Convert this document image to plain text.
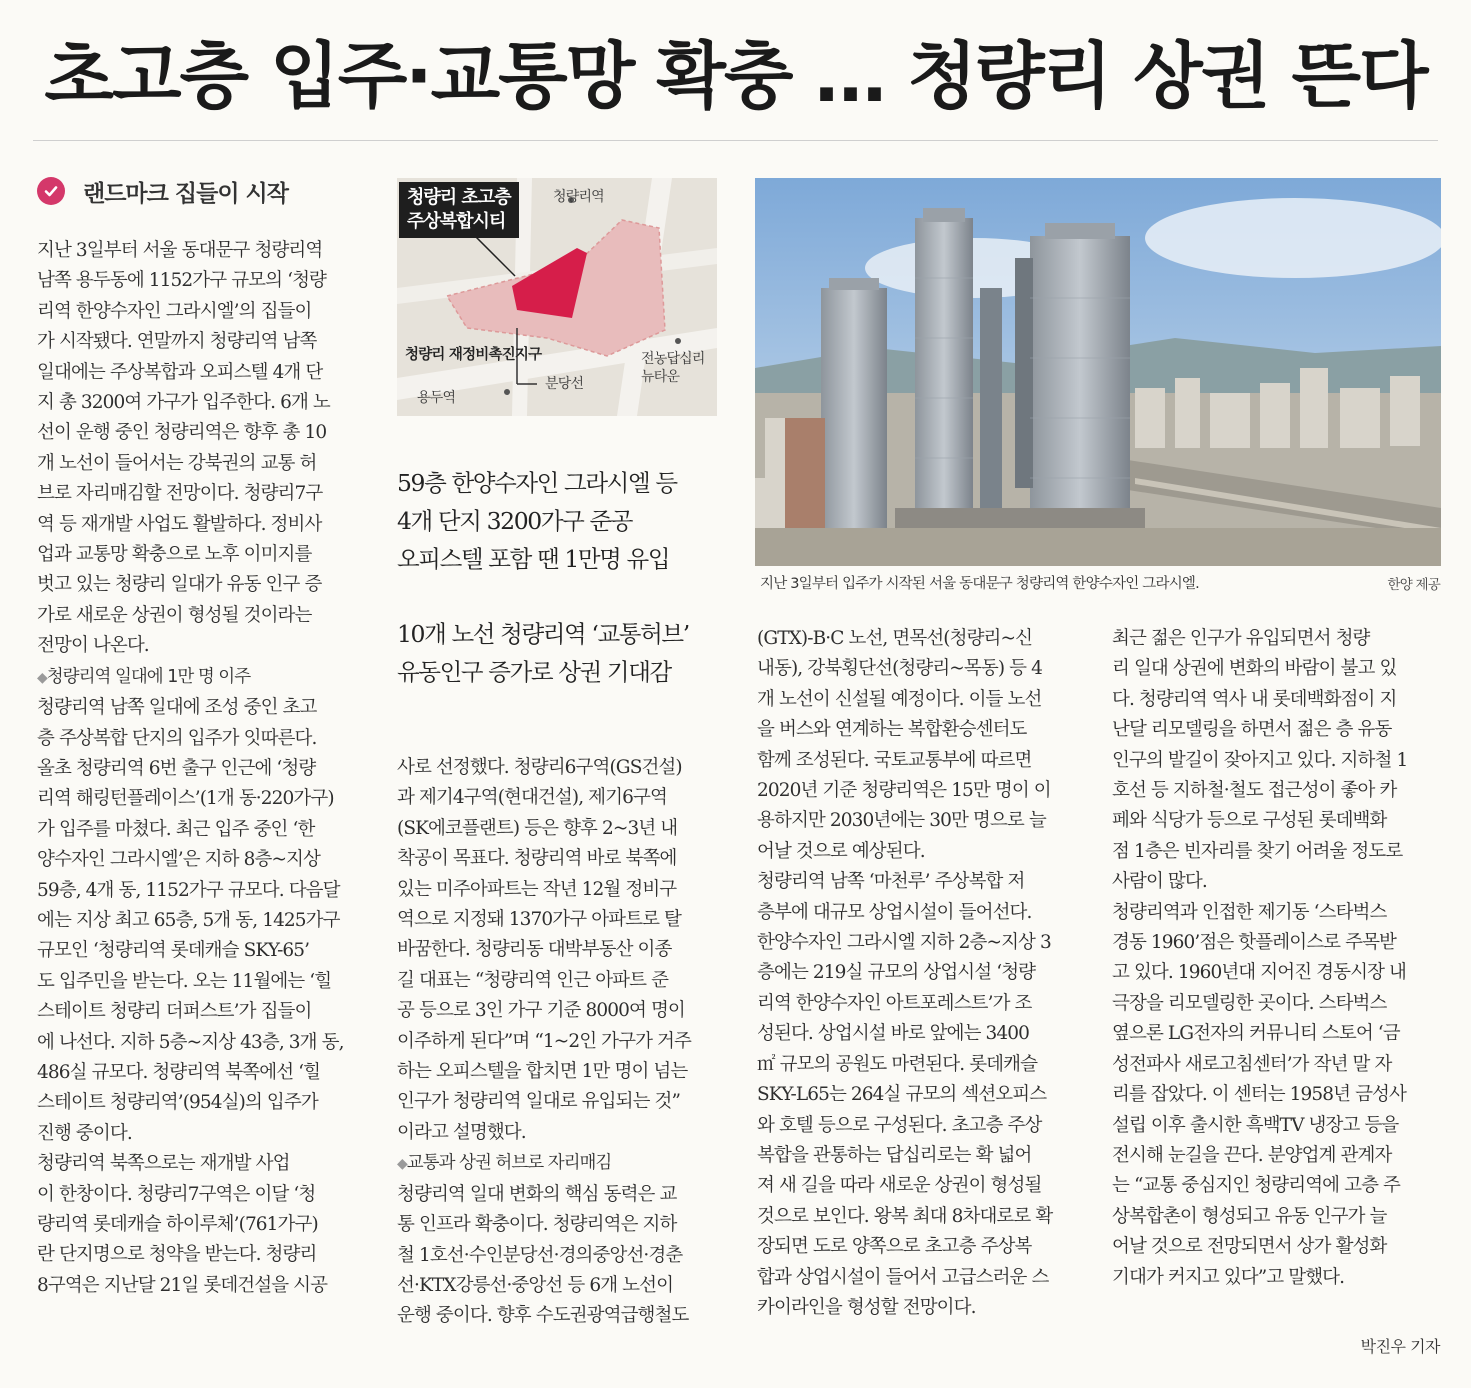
초고층 입주·교통망 확충 … 청량리 상권 뜬다
랜드마크 집들이 시작

지난 3일부터 서울 동대문구 청량리역

남쪽 용두동에 1152가구 규모의 ‘청량

리역 한양수자인 그라시엘’의 집들이

가 시작됐다. 연말까지 청량리역 남쪽

일대에는 주상복합과 오피스텔 4개 단

지 총 3200여 가구가 입주한다. 6개 노

선이 운행 중인 청량리역은 향후 총 10

개 노선이 들어서는 강북권의 교통 허

브로 자리매김할 전망이다. 청량리7구

역 등 재개발 사업도 활발하다. 정비사

업과 교통망 확충으로 노후 이미지를

벗고 있는 청량리 일대가 유동 인구 증

가로 새로운 상권이 형성될 것이라는

전망이 나온다.

◆청량리역 일대에 1만 명 이주

청량리역 남쪽 일대에 조성 중인 초고

층 주상복합 단지의 입주가 잇따른다.

올초 청량리역 6번 출구 인근에 ‘청량

리역 해링턴플레이스’(1개 동·220가구)

가 입주를 마쳤다. 최근 입주 중인 ‘한

양수자인 그라시엘’은 지하 8층~지상

59층, 4개 동, 1152가구 규모다. 다음달

에는 지상 최고 65층, 5개 동, 1425가구

규모인 ‘청량리역 롯데캐슬 SKY-65’

도 입주민을 받는다. 오는 11월에는 ‘힐

스테이트 청량리 더퍼스트’가 집들이

에 나선다. 지하 5층~지상 43층, 3개 동,

486실 규모다. 청량리역 북쪽에선 ‘힐

스테이트 청량리역’(954실)의 입주가

진행 중이다.

청량리역 북쪽으로는 재개발 사업

이 한창이다. 청량리7구역은 이달 ‘청

량리역 롯데캐슬 하이루체’(761가구)

란 단지명으로 청약을 받는다. 청량리

8구역은 지난달 21일 롯데건설을 시공

청량리 초고층
주상복합시티
청량리역
청량리 재정비촉진지구	전농답십리
뉴타운
분당선
용두역

59층 한양수자인 그라시엘 등

4개 단지 3200가구 준공

오피스텔 포함 땐 1만명 유입

10개 노선 청량리역 ‘교통허브’

유동인구 증가로 상권 기대감

사로 선정했다. 청량리6구역(GS건설)

과 제기4구역(현대건설), 제기6구역

(SK에코플랜트) 등은 향후 2~3년 내

착공이 목표다. 청량리역 바로 북쪽에

있는 미주아파트는 작년 12월 정비구

역으로 지정돼 1370가구 아파트로 탈

바꿈한다. 청량리동 대박부동산 이종

길 대표는 “청량리역 인근 아파트 준

공 등으로 3인 가구 기준 8000여 명이

이주하게 된다”며 “1~2인 가구가 거주

하는 오피스텔을 합치면 1만 명이 넘는

인구가 청량리역 일대로 유입되는 것”

이라고 설명했다.

◆교통과 상권 허브로 자리매김

청량리역 일대 변화의 핵심 동력은 교

통 인프라 확충이다. 청량리역은 지하

철 1호선·수인분당선·경의중앙선·경춘

선·KTX강릉선·중앙선 등 6개 노선이

운행 중이다. 향후 수도권광역급행철도

지난 3일부터 입주가 시작된 서울 동대문구 청량리역 한양수자인 그라시엘.	한양 제공

(GTX)-B·C 노선, 면목선(청량리~신

내동), 강북횡단선(청량리~목동) 등 4

개 노선이 신설될 예정이다. 이들 노선

을 버스와 연계하는 복합환승센터도

함께 조성된다. 국토교통부에 따르면

2020년 기준 청량리역은 15만 명이 이

용하지만 2030년에는 30만 명으로 늘

어날 것으로 예상된다.

청량리역 남쪽 ‘마천루’ 주상복합 저

층부에 대규모 상업시설이 들어선다.

한양수자인 그라시엘 지하 2층~지상 3

층에는 219실 규모의 상업시설 ‘청량

리역 한양수자인 아트포레스트’가 조

성된다. 상업시설 바로 앞에는 3400

㎡ 규모의 공원도 마련된다. 롯데캐슬

SKY-L65는 264실 규모의 섹션오피스

와 호텔 등으로 구성된다. 초고층 주상

복합을 관통하는 답십리로는 확 넓어

져 새 길을 따라 새로운 상권이 형성될

것으로 보인다. 왕복 최대 8차대로로 확

장되면 도로 양쪽으로 초고층 주상복

합과 상업시설이 들어서 고급스러운 스

카이라인을 형성할 전망이다.

최근 젊은 인구가 유입되면서 청량

리 일대 상권에 변화의 바람이 불고 있

다. 청량리역 역사 내 롯데백화점이 지

난달 리모델링을 하면서 젊은 층 유동

인구의 발길이 잦아지고 있다. 지하철 1

호선 등 지하철·철도 접근성이 좋아 카

페와 식당가 등으로 구성된 롯데백화

점 1층은 빈자리를 찾기 어려울 정도로

사람이 많다.

청량리역과 인접한 제기동 ‘스타벅스

경동 1960’점은 핫플레이스로 주목받

고 있다. 1960년대 지어진 경동시장 내

극장을 리모델링한 곳이다. 스타벅스

옆으론 LG전자의 커뮤니티 스토어 ‘금

성전파사 새로고침센터’가 작년 말 자

리를 잡았다. 이 센터는 1958년 금성사

설립 이후 출시한 흑백TV 냉장고 등을

전시해 눈길을 끈다. 분양업계 관계자

는 “교통 중심지인 청량리역에 고층 주

상복합촌이 형성되고 유동 인구가 늘

어날 것으로 전망되면서 상가 활성화

기대가 커지고 있다”고 말했다.

박진우 기자
